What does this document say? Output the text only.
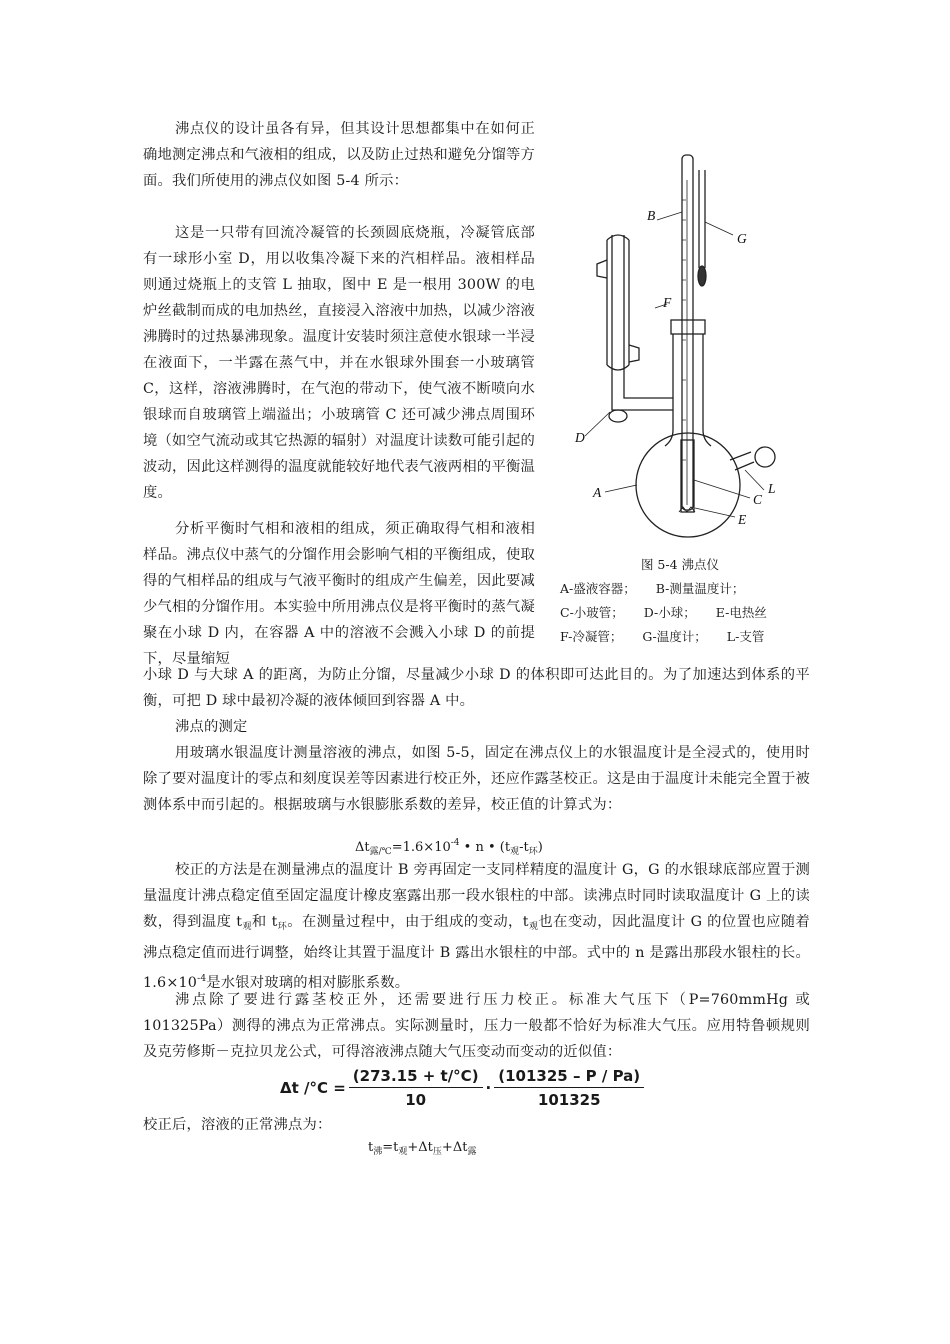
沸点仪的设计虽各有异，但其设计思想都集中在如何正确地测定沸点和气液相的组成，以及防止过热和避免分馏等方面。我们所使用的沸点仪如图 5-4 所示：

这是一只带有回流冷凝管的长颈圆底烧瓶，冷凝管底部有一球形小室 D，用以收集冷凝下来的汽相样品。液相样品则通过烧瓶上的支管 L 抽取，图中 E 是一根用 300W 的电炉丝截制而成的电加热丝，直接浸入溶液中加热，以减少溶液沸腾时的过热暴沸现象。温度计安装时须注意使水银球一半浸在液面下，一半露在蒸气中，并在水银球外围套一小玻璃管 C，这样，溶液沸腾时，在气泡的带动下，使气液不断喷向水银球而自玻璃管上端溢出；小玻璃管 C 还可减少沸点周围环境（如空气流动或其它热源的辐射）对温度计读数可能引起的波动，因此这样测得的温度就能较好地代表气液两相的平衡温度。

分析平衡时气相和液相的组成，须正确取得气相和液相样品。沸点仪中蒸气的分馏作用会影响气相的平衡组成，使取得的气相样品的组成与气液平衡时的组成产生偏差，因此要减少气相的分馏作用。本实验中所用沸点仪是将平衡时的蒸气凝聚在小球 D 内，在容器 A 中的溶液不会溅入小球 D 的前提下，尽量缩短

小球 D 与大球 A 的距离，为防止分馏，尽量减少小球 D 的体积即可达此目的。为了加速达到体系的平衡，可把 D 球中最初冷凝的液体倾回到容器 A 中。

沸点的测定

用玻璃水银温度计测量溶液的沸点，如图 5-5，固定在沸点仪上的水银温度计是全浸式的，使用时除了要对温度计的零点和刻度误差等因素进行校正外，还应作露茎校正。这是由于温度计未能完全置于被测体系中而引起的。根据玻璃与水银膨胀系数的差异，校正值的计算式为：

$\Delta t_{露/℃}=1.6\times 10^{-4}$ • n • $(t_观-t_环)$

校正的方法是在测量沸点的温度计 B 旁再固定一支同样精度的温度计 G，G 的水银球底部应置于测量温度计沸点稳定值至固定温度计橡皮塞露出那一段水银柱的中部。读沸点时同时读取温度计 G 上的读数，得到温度 $t_观$和 $t_环$。在测量过程中，由于组成的变动，$t_观$也在变动，因此温度计 G 的位置也应随着沸点稳定值而进行调整，始终让其置于温度计 B 露出水银柱的中部。式中的 n 是露出那段水银柱的长。$1.6\times 10^{-4}$是水银对玻璃的相对膨胀系数。

沸点除了要进行露茎校正外，还需要进行压力校正。标准大气压下（P=760mmHg 或 101325Pa）测得的沸点为正常沸点。实际测量时，压力一般都不恰好为标准大气压。应用特鲁顿规则及克劳修斯－克拉贝龙公式，可得溶液沸点随大气压变动而变动的近似值：

Δt $/^\circ C = \frac{(273.15 + t/^\circ C)}{10} \cdot \frac{(101325 - P / Pa)}{101325}$

校正后，溶液的正常沸点为：

$t_沸=t_观+\Delta t_压+\Delta t_露$
B
G
F
D
A	L
C
E

图 5-4 沸点仪

A-盛液容器； B-测量温度计；
C-小玻管； D-小球； E-电热丝
F-冷凝管； G-温度计； L-支管
